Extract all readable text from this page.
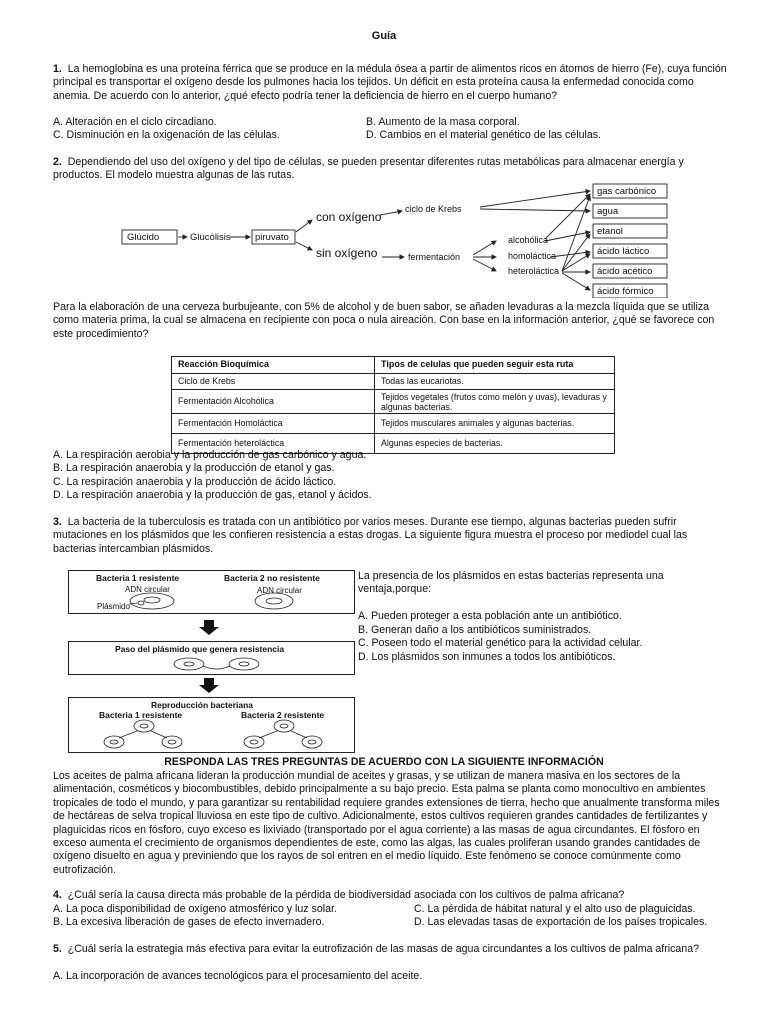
Guía
1. La hemoglobina es una proteína férrica que se produce en la médula ósea a partir de alimentos ricos en átomos de hierro (Fe), cuya función principal es transportar el oxígeno desde los pulmones hacia los tejidos. Un déficit en esta proteína causa la enfermedad conocida como anemia. De acuerdo con lo anterior, ¿qué efecto podría tener la deficiencia de hierro en el cuerpo humano?
A. Alteración en el ciclo circadiano.	B. Aumento de la masa corporal.
C. Disminución en la oxigenación de las células.	D. Cambios en el material genético de las células.
2. Dependiendo del uso del oxígeno y del tipo de células, se pueden presentar diferentes rutas metabólicas para almacenar energía y productos. El modelo muestra algunas de las rutas.
Glúcido	Glucólisis	piruvato
con oxígeno
sin oxígeno
ciclo de Krebs
fermentación
alcohólica
homoláctica
heteroláctica
gas carbónico
agua
etanol
ácido láctico
ácido acético
ácido fórmico
Para la elaboración de una cerveza burbujeante, con 5% de alcohol y de buen sabor, se añaden levaduras a la mezcla líquida que se utiliza como materia prima, la cual se almacena en recipiente con poca o nula aireación. Con base en la información anterior, ¿qué se favorece con este procedimiento?
Reacción Bioquímica	Tipos de celulas que pueden seguir esta ruta
Ciclo de Krebs	Todas las eucariotas.
Fermentación Alcohólica	Tejidos vegetales (frutos como melón y uvas), levaduras y algunas bacterias.
Fermentación Homoláctica	Tejidos musculares animales y algunas bacterias.
Fermentación heteroláctica	Algunas especies de bacterias.
A. La respiración aerobia y la producción de gas carbónico y agua.
B. La respiración anaerobia y la producción de etanol y gas.
C. La respiración anaerobia y la producción de ácido láctico.
D. La respiración anaerobia y la producción de gas, etanol y ácidos.
3. La bacteria de la tuberculosis es tratada con un antibiótico por varios meses. Durante ese tiempo, algunas bacterias pueden sufrir mutaciones en los plásmidos que les confieren resistencia a estas drogas. La siguiente figura muestra el proceso por mediodel cual las bacterias intercambian plásmidos.
Bacteria 1 resistente	Bacteria 2 no resistente
ADN circular	ADN circular
Plásmido
Paso del plásmido que genera resistencia
Reproducción bacteriana
Bacteria 1 resistente	Bacteria 2 resistente
La presencia de los plásmidos en estas bacterias representa una ventaja,porque:
A. Pueden proteger a esta población ante un antibiótico.
B. Generan daño a los antibióticos suministrados.
C. Poseen todo el material genético para la actividad celular.
D. Los plásmidos son inmunes a todos los antibióticos.
RESPONDA LAS TRES PREGUNTAS DE ACUERDO CON LA SIGUIENTE INFORMACIÓN
Los aceites de palma africana lideran la producción mundial de aceites y grasas, y se utilizan de manera masiva en los sectores de la alimentación, cosméticos y biocombustibles, debido principalmente a su bajo precio. Esta palma se planta como monocultivo en ambientes tropicales de todo el mundo, y para garantizar su rentabilidad requiere grandes extensiones de tierra, hecho que anualmente transforma miles de hectáreas de selva tropical lluviosa en este tipo de cultivo. Adicionalmente, estos cultivos requieren grandes cantidades de fertilizantes y plaguicidas ricos en fósforo, cuyo exceso es lixiviado (transportado por el agua corriente) a las masas de agua circundantes. El fósforo en exceso aumenta el crecimiento de organismos dependientes de este, como las algas, las cuales proliferan usando grandes cantidades de oxígeno disuelto en agua y previniendo que los rayos de sol entren en el medio líquido. Este fenómeno se conoce comúnmente como eutrofización.
4. ¿Cuál sería la causa directa más probable de la pérdida de biodiversidad asociada con los cultivos de palma africana?
A. La poca disponibilidad de oxígeno atmosférico y luz solar.	C. La pérdida de hábitat natural y el alto uso de plaguicidas.
B. La excesiva liberación de gases de efecto invernadero.	D. Las elevadas tasas de exportación de los países tropicales.
5. ¿Cuál sería la estrategia más efectiva para evitar la eutrofización de las masas de agua circundantes a los cultivos de palma africana?
A. La incorporación de avances tecnológicos para el procesamiento del aceite.
